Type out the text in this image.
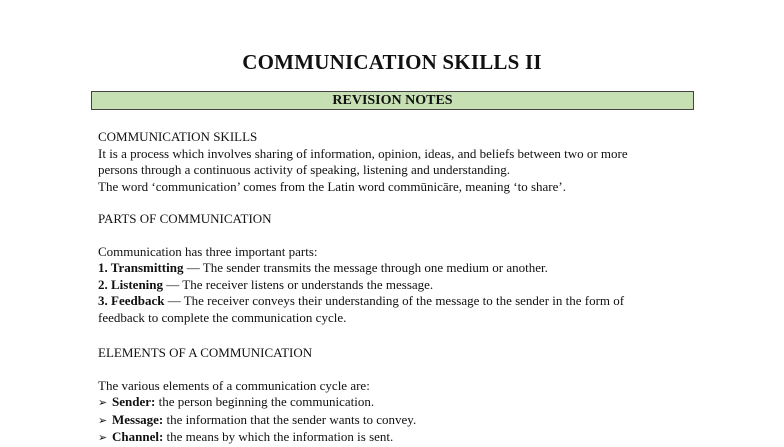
COMMUNICATION SKILLS II
REVISION NOTES
COMMUNICATION SKILLS
It is a process which involves sharing of information, opinion, ideas, and beliefs between two or more
persons through a continuous activity of speaking, listening and understanding.
The word ‘communication’ comes from the Latin word commūnicāre, meaning ‘to share’.
PARTS OF COMMUNICATION
Communication has three important parts:
1. Transmitting — The sender transmits the message through one medium or another.
2. Listening — The receiver listens or understands the message.
3. Feedback — The receiver conveys their understanding of the message to the sender in the form of
feedback to complete the communication cycle.
ELEMENTS OF A COMMUNICATION
The various elements of a communication cycle are:
➢ Sender: the person beginning the communication.
➢ Message: the information that the sender wants to convey.
➢ Channel: the means by which the information is sent.
